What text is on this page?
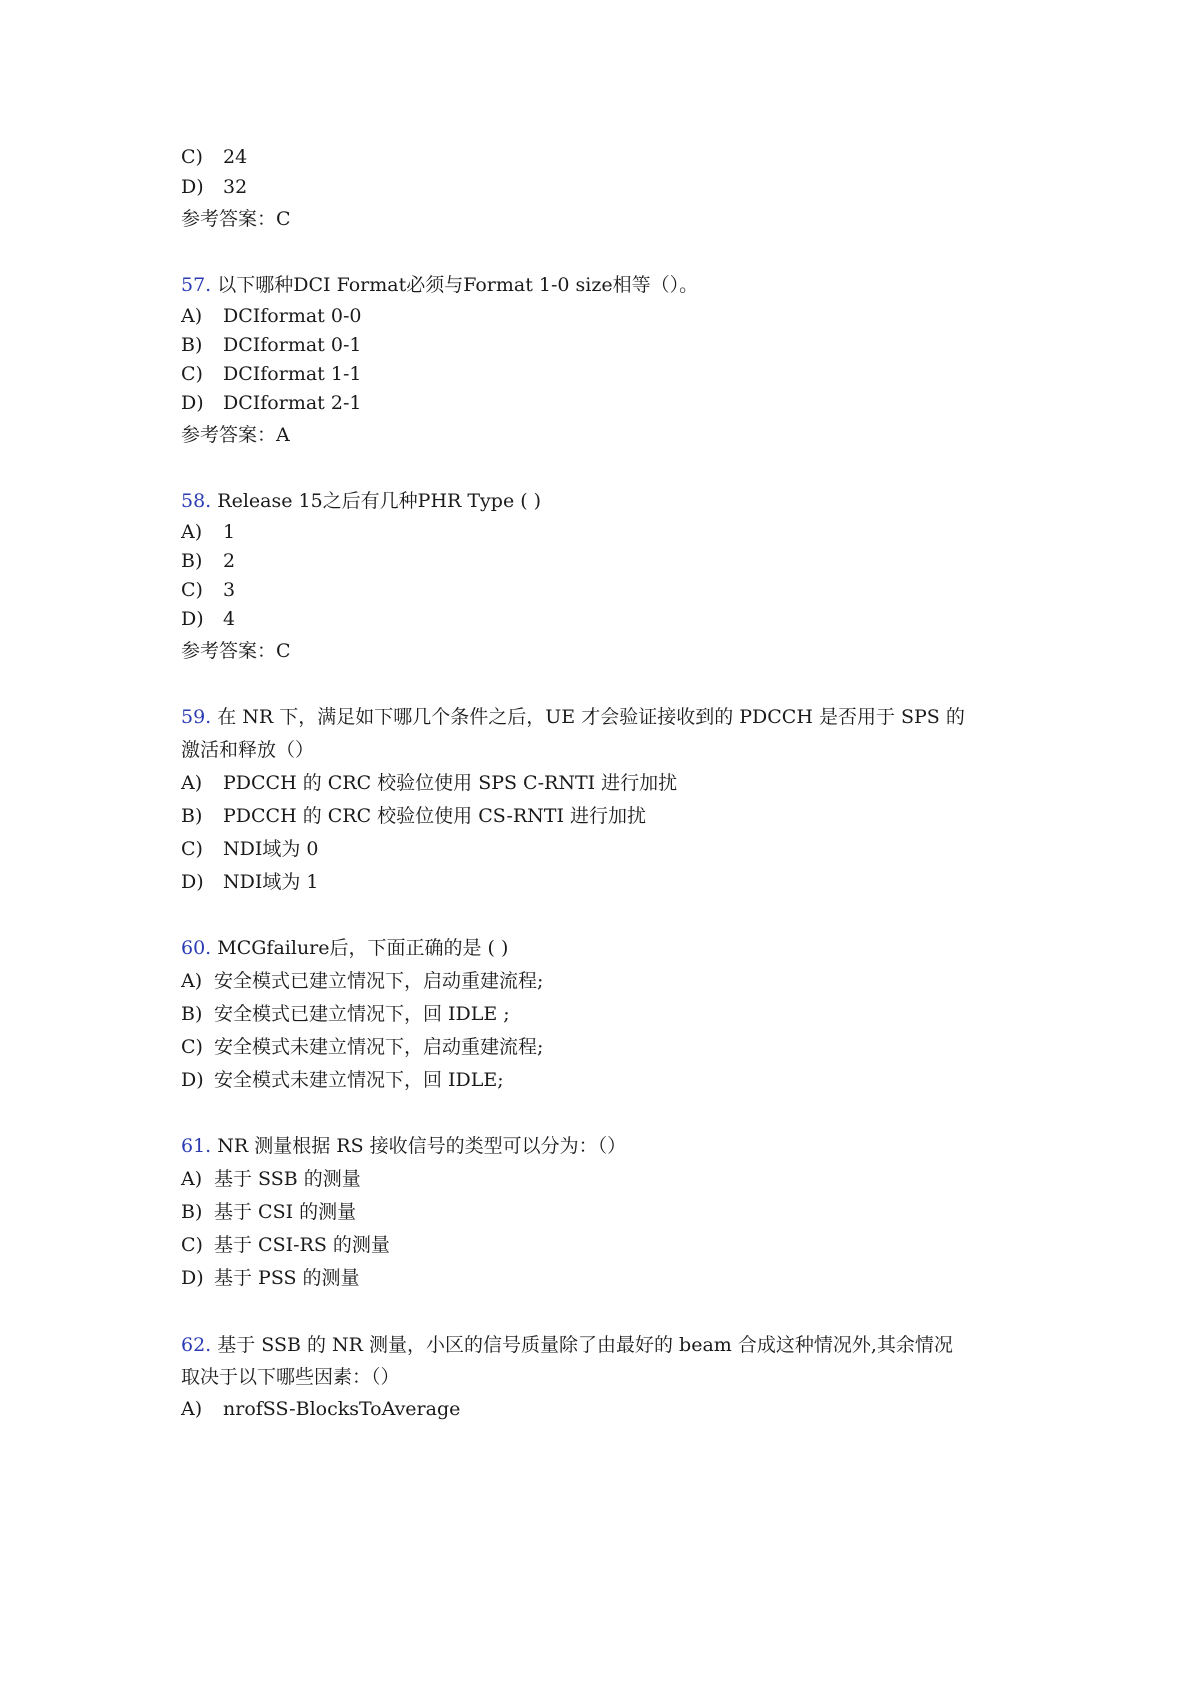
C) 24
D) 32
参考答案：C
57. 以下哪种DCI Format必须与Format 1-0 size相等（）。
A) DCIformat 0-0
B) DCIformat 0-1
C) DCIformat 1-1
D) DCIformat 2-1
参考答案：A
58. Release 15之后有几种PHR Type ( )
A) 1
B) 2
C) 3
D) 4
参考答案：C
59. 在 NR 下，满足如下哪几个条件之后，UE 才会验证接收到的 PDCCH 是否用于 SPS 的
激活和释放（）
A) PDCCH 的 CRC 校验位使用 SPS C-RNTI 进行加扰
B) PDCCH 的 CRC 校验位使用 CS-RNTI 进行加扰
C) NDI域为 0
D) NDI域为 1
60. MCGfailure后，下面正确的是 ( )
A) 安全模式已建立情况下，启动重建流程;
B) 安全模式已建立情况下，回 IDLE ;
C) 安全模式未建立情况下，启动重建流程;
D) 安全模式未建立情况下，回 IDLE;
61. NR 测量根据 RS 接收信号的类型可以分为：（）
A) 基于 SSB 的测量
B) 基于 CSI 的测量
C) 基于 CSI-RS 的测量
D) 基于 PSS 的测量
62. 基于 SSB 的 NR 测量，小区的信号质量除了由最好的 beam 合成这种情况外,其余情况
取决于以下哪些因素：（）
A) nrofSS-BlocksToAverage
